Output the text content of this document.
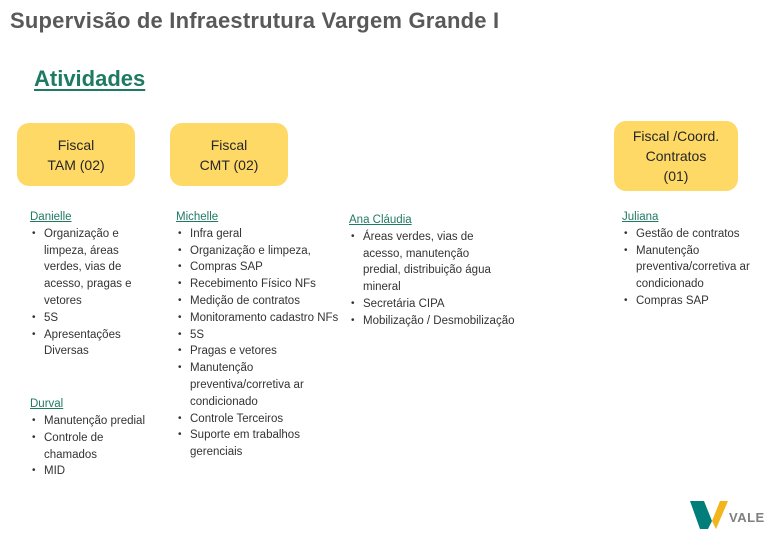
Supervisão de Infraestrutura Vargem Grande I
Atividades
Fiscal
TAM (02)
Fiscal
CMT (02)
Fiscal /Coord.
Contratos
(01)
Danielle
• Organização e limpeza, áreas verdes, vias de acesso, pragas e vetores
• 5S
• Apresentações Diversas
Durval
• Manutenção predial
• Controle de chamados
• MID
Michelle
• Infra geral
• Organização e limpeza,
• Compras SAP
• Recebimento Físico NFs
• Medição de contratos
• Monitoramento cadastro NFs
• 5S
• Pragas e vetores
• Manutenção preventiva/corretiva ar condicionado
• Controle Terceiros
• Suporte em trabalhos gerenciais
Ana Cláudia
• Áreas verdes, vias de acesso, manutenção predial, distribuição água mineral
• Secretária CIPA
• Mobilização / Desmobilização
Juliana
• Gestão de contratos
• Manutenção preventiva/corretiva ar condicionado
• Compras SAP
VALE
